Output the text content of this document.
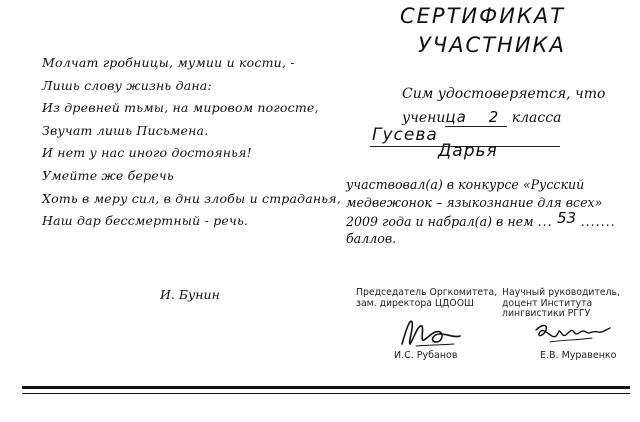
Молчат гробницы, мумии и кости, -
Лишь слову жизнь дана:
Из древней тьмы, на мировом погосте,
Звучат лишь Письмена.
И нет у нас иного достоянья!
Умейте же беречь
Хоть в меру сил, в дни злобы и страданья,
Наш дар бессмертный - речь.
И. Бунин
СЕРТИФИКАТ
УЧАСТНИКА
Сим удостоверяется, что
ученица 2 класса
Гусева
Дарья
участвовал(а) в конкурсе «Русский
медвежонок – языкознание для всех»
2009 года и набрал(а) в нем ... 53 .......
баллов.
Председатель Оргкомитета,
зам. директора ЦДООШ
И.С. Рубанов
Научный руководитель,
доцент Института
лингвистики РГГУ
Е.В. Муравенко
